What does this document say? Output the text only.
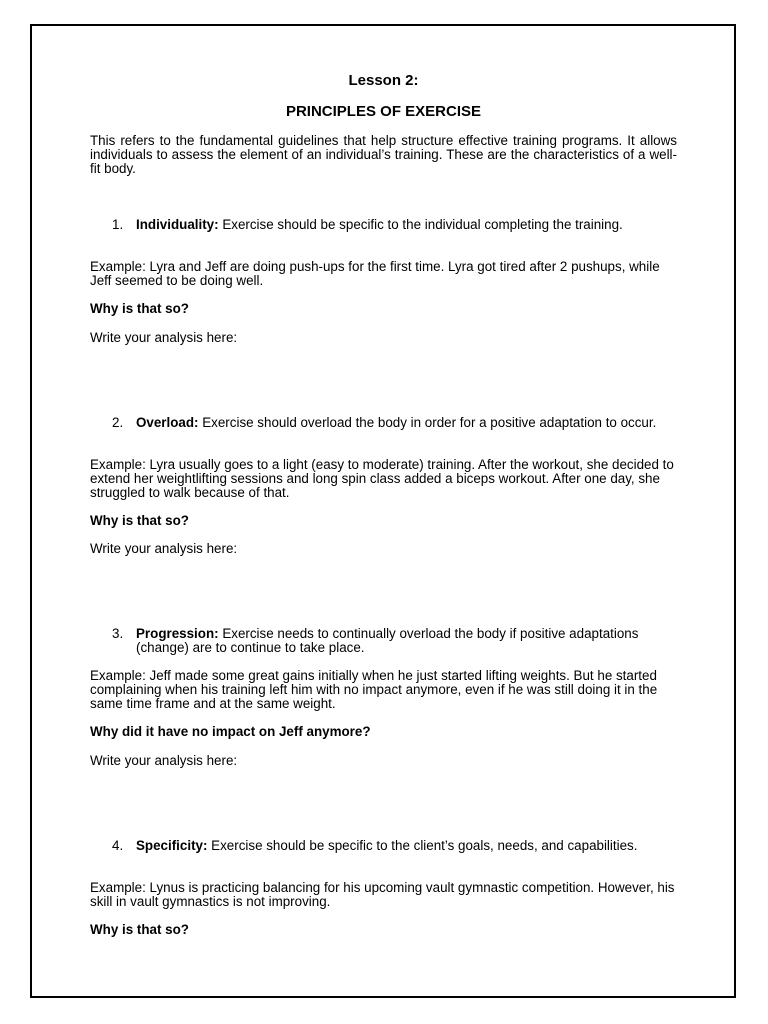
Lesson 2:

PRINCIPLES OF EXERCISE

This refers to the fundamental guidelines that help structure effective training programs. It allows individuals to assess the element of an individual’s training. These are the characteristics of a well-fit body.

1. Individuality: Exercise should be specific to the individual completing the training.

Example: Lyra and Jeff are doing push-ups for the first time. Lyra got tired after 2 pushups, while Jeff seemed to be doing well.

Why is that so?

Write your analysis here:

2. Overload: Exercise should overload the body in order for a positive adaptation to occur.

Example: Lyra usually goes to a light (easy to moderate) training. After the workout, she decided to extend her weightlifting sessions and long spin class added a biceps workout. After one day, she struggled to walk because of that.

Why is that so?

Write your analysis here:

3. Progression: Exercise needs to continually overload the body if positive adaptations (change) are to continue to take place.

Example: Jeff made some great gains initially when he just started lifting weights. But he started complaining when his training left him with no impact anymore, even if he was still doing it in the same time frame and at the same weight.

Why did it have no impact on Jeff anymore?

Write your analysis here:

4. Specificity: Exercise should be specific to the client’s goals, needs, and capabilities.

Example: Lynus is practicing balancing for his upcoming vault gymnastic competition. However, his skill in vault gymnastics is not improving.

Why is that so?
